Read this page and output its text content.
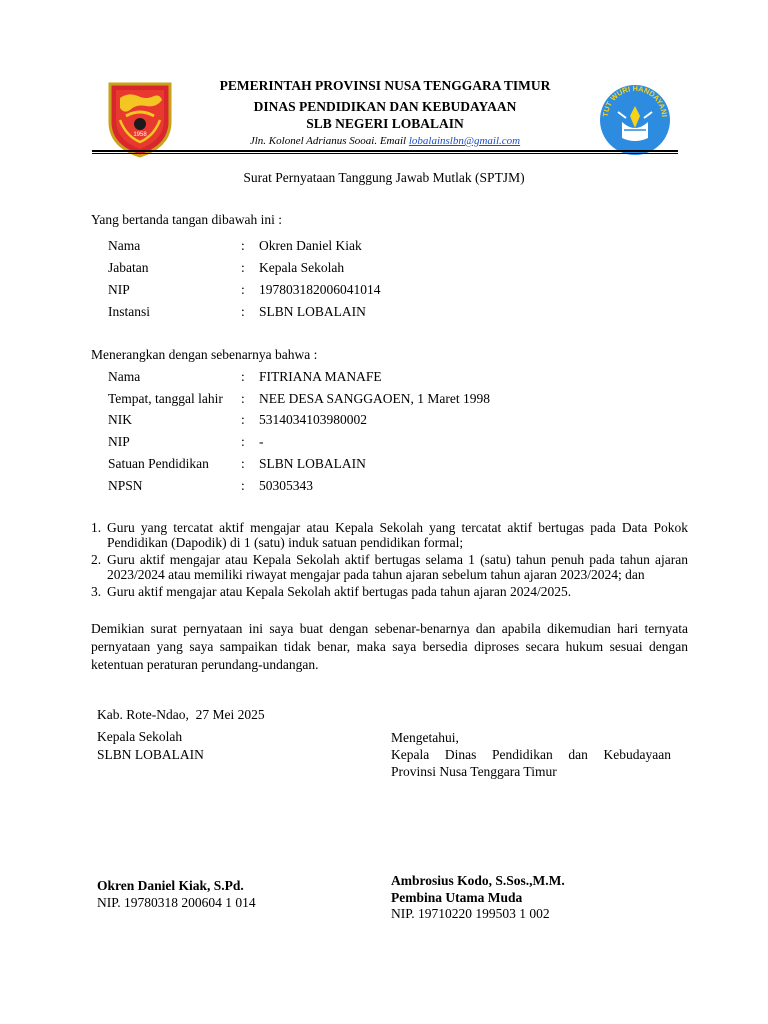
1958
PEMERINTAH PROVINSI NUSA TENGGARA TIMUR
DINAS PENDIDIKAN DAN KEBUDAYAAN
SLB NEGERI LOBALAIN
Jln. Kolonel Adrianus Sooai. Email lobalainslbn@gmail.com
TUT WURI HANDAYANI
Surat Pernyataan Tanggung Jawab Mutlak (SPTJM)
Yang bertanda tangan dibawah ini :
Nama	: Okren Daniel Kiak
Jabatan	: Kepala Sekolah
NIP	: 197803182006041014
Instansi	: SLBN LOBALAIN
Menerangkan dengan sebenarnya bahwa :
Nama	: FITRIANA MANAFE
Tempat, tanggal lahir : NEE DESA SANGGAOEN, 1 Maret 1998
NIK	: 5314034103980002
NIP	: -
Satuan Pendidikan : SLBN LOBALAIN
NPSN	: 50305343
1. Guru yang tercatat aktif mengajar atau Kepala Sekolah yang tercatat aktif bertugas pada Data Pokok Pendidikan (Dapodik) di 1 (satu) induk satuan pendidikan formal;
2. Guru aktif mengajar atau Kepala Sekolah aktif bertugas selama 1 (satu) tahun penuh pada tahun ajaran 2023/2024 atau memiliki riwayat mengajar pada tahun ajaran sebelum tahun ajaran 2023/2024; dan
3. Guru aktif mengajar atau Kepala Sekolah aktif bertugas pada tahun ajaran 2024/2025.
Demikian surat pernyataan ini saya buat dengan sebenar-benarnya dan apabila dikemudian hari ternyata pernyataan yang saya sampaikan tidak benar, maka saya bersedia diproses secara hukum sesuai dengan ketentuan peraturan perundang-undangan.
Kab. Rote-Ndao,  27 Mei 2025
Kepala Sekolah
SLBN LOBALAIN
Okren Daniel Kiak, S.Pd.
NIP. 19780318 200604 1 014
Mengetahui,
Kepala Dinas Pendidikan dan Kebudayaan
Provinsi Nusa Tenggara Timur
Ambrosius Kodo, S.Sos.,M.M.
Pembina Utama Muda
NIP. 19710220 199503 1 002
